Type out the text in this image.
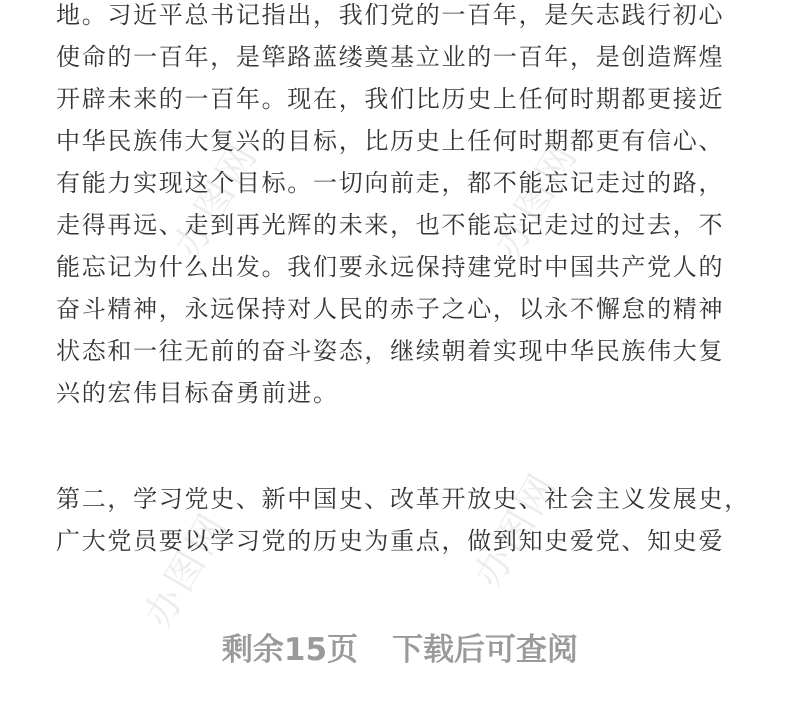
办图网	办图网
办图网	办图网
地。习近平总书记指出，我们党的一百年，是矢志践行初心
使命的一百年，是筚路蓝缕奠基立业的一百年，是创造辉煌
开辟未来的一百年。现在，我们比历史上任何时期都更接近
中华民族伟大复兴的目标，比历史上任何时期都更有信心、
有能力实现这个目标。一切向前走，都不能忘记走过的路，
走得再远、走到再光辉的未来，也不能忘记走过的过去，不
能忘记为什么出发。我们要永远保持建党时中国共产党人的
奋斗精神，永远保持对人民的赤子之心，以永不懈怠的精神
状态和一往无前的奋斗姿态，继续朝着实现中华民族伟大复
兴的宏伟目标奋勇前进。
第二，学习党史、新中国史、改革开放史、社会主义发展史，
广大党员要以学习党的历史为重点，做到知史爱党、知史爱
剩余15页 下载后可查阅
